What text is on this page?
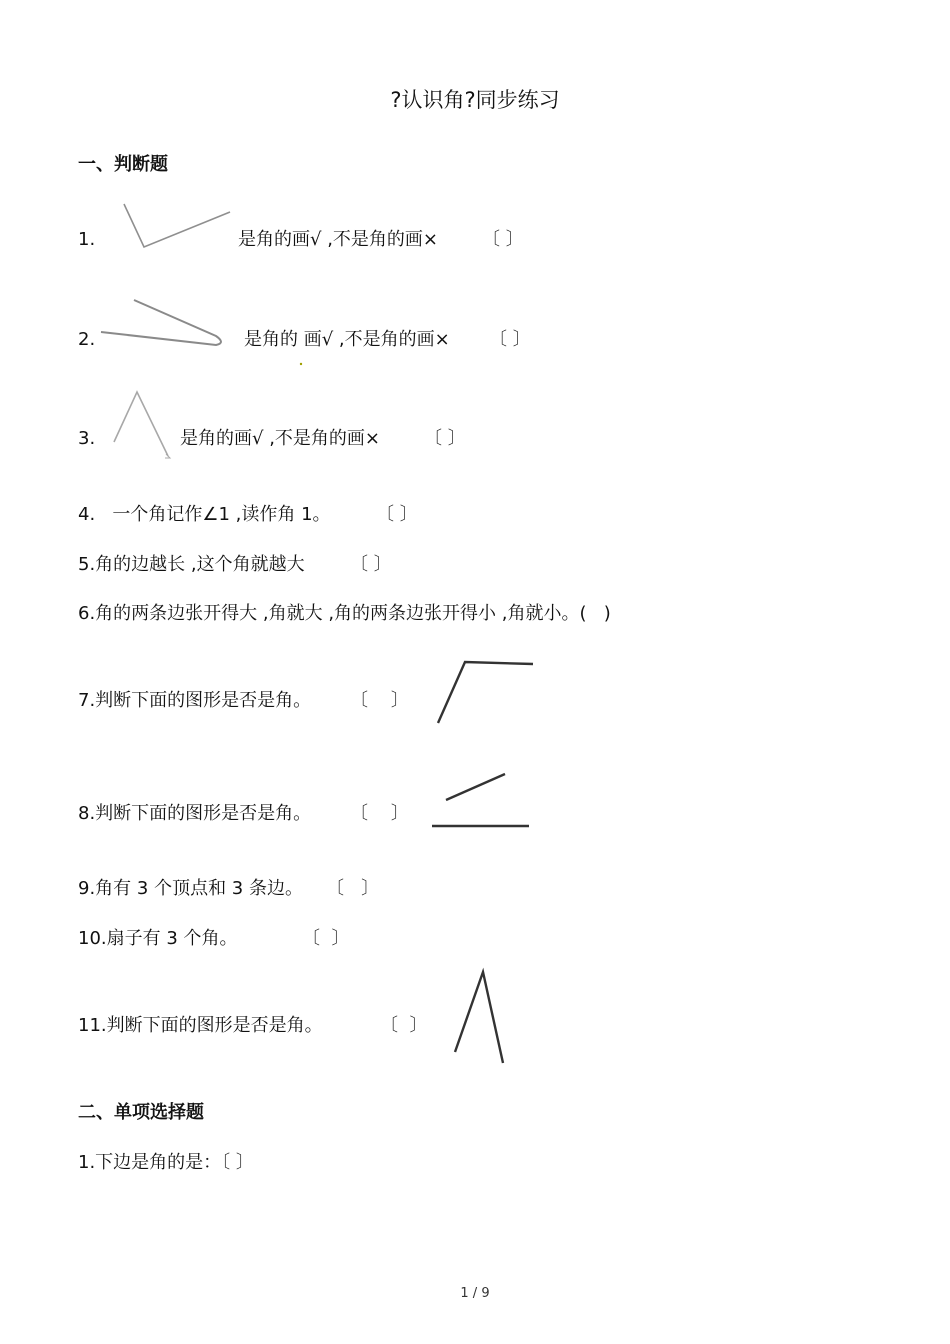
?认识角?同步练习
一、判断题
1.	是角的画√ ,不是角的画× 〔 〕
2.	是角的 画√ ,不是角的画× 〔 〕
3.	是角的画√ ,不是角的画× 〔 〕
4.   一个角记作∠1 ,读作角 1。	〔 〕
5.角的边越长 ,这个角就越大	〔 〕
6.角的两条边张开得大 ,角就大 ,角的两条边张开得小 ,角就小。(   )
7.判断下面的图形是否是角。 〔    〕
8.判断下面的图形是否是角。 〔    〕
9.角有 3 个顶点和 3 条边。 〔   〕
10.扇子有 3 个角。	〔  〕
11.判断下面的图形是否是角。	〔  〕
二、单项选择题
1.下边是角的是：〔 〕
1 / 9
